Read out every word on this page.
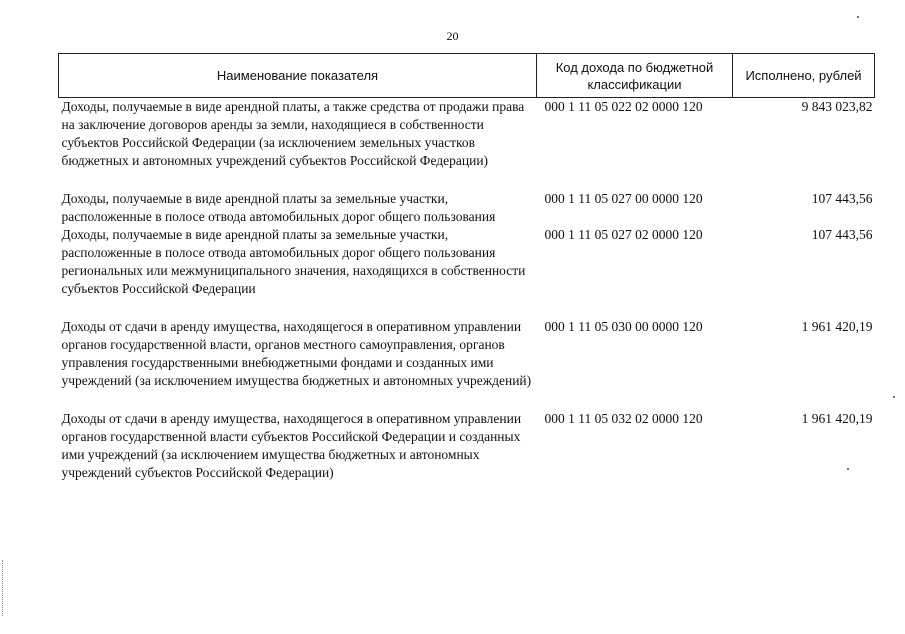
20
Наименование показателя	Код дохода по бюджетной классификации	Исполнено, рублей
Доходы, получаемые в виде арендной платы, а также средства от продажи права на заключение договоров аренды за земли, находящиеся в собственности субъектов Российской Федерации (за исключением земельных участков бюджетных и автономных учреждений субъектов Российской Федерации)	000 1 11 05 022 02 0000 120	9 843 023,82

Доходы, получаемые в виде арендной платы за земельные участки, расположенные в полосе отвода автомобильных дорог общего пользования	000 1 11 05 027 00 0000 120	107 443,56
Доходы, получаемые в виде арендной платы за земельные участки, расположенные в полосе отвода автомобильных дорог общего пользования региональных или межмуниципального значения, находящихся в собственности субъектов Российской Федерации	000 1 11 05 027 02 0000 120	107 443,56

Доходы от сдачи в аренду имущества, находящегося в оперативном управлении органов государственной власти, органов местного самоуправления, органов управления государственными внебюджетными фондами и созданных ими учреждений (за исключением имущества бюджетных и автономных учреждений)	000 1 11 05 030 00 0000 120	1 961 420,19

Доходы от сдачи в аренду имущества, находящегося в оперативном управлении органов государственной власти субъектов Российской Федерации и созданных ими учреждений (за исключением имущества бюджетных и автономных учреждений субъектов Российской Федерации)	000 1 11 05 032 02 0000 120	1 961 420,19
